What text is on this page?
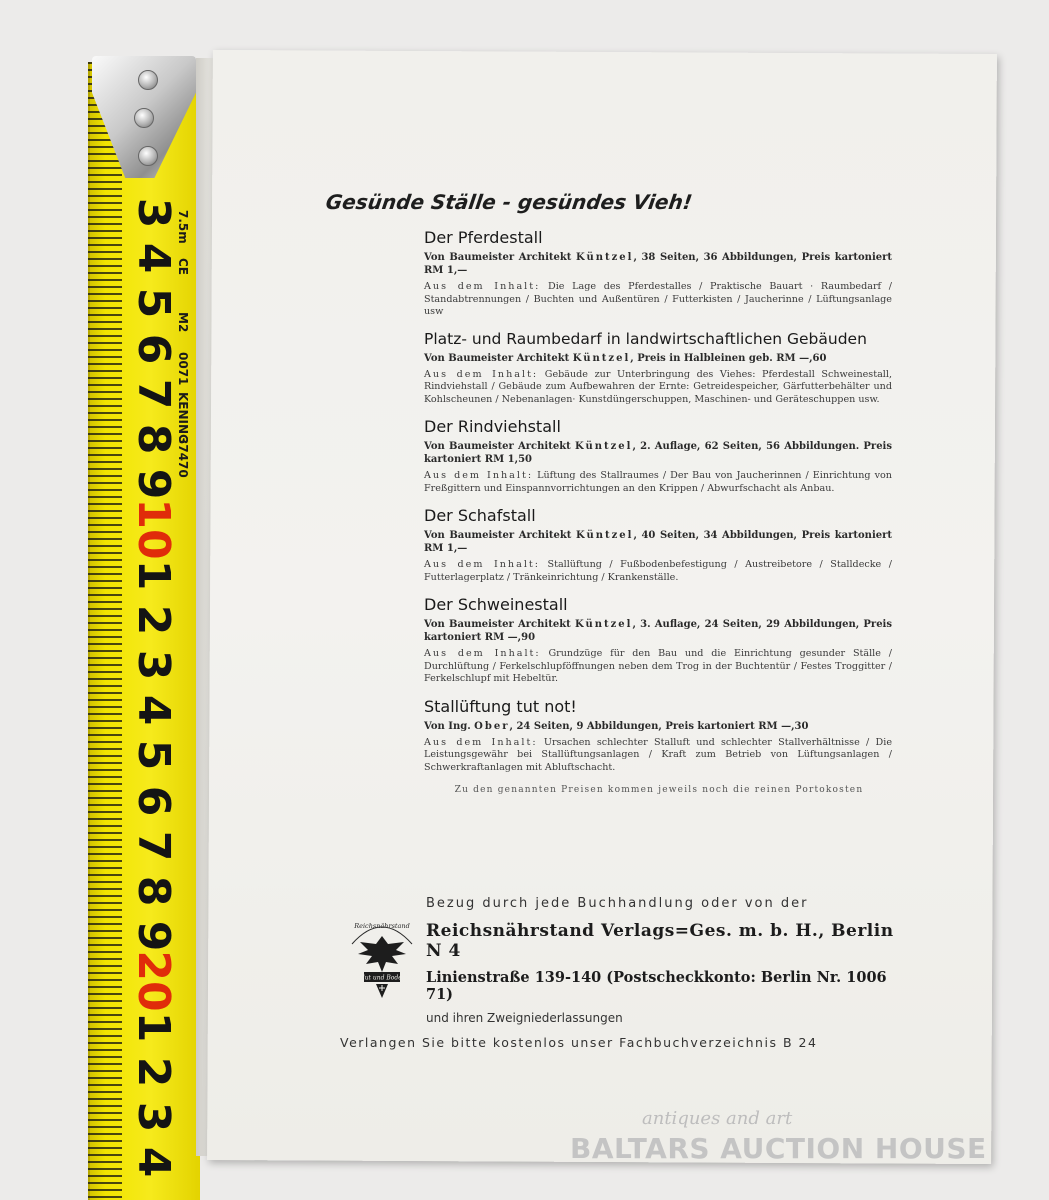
3
4
5
6
7
8
9
10
1
2
3
4
5
6
7
8
9
20
1
2
3
4
7.5m
CE
M2
0071
KENING
37470
Gesünde Ställe - gesündes Vieh!
Der Pferdestall
Von Baumeister Architekt Küntzel, 38 Seiten, 36 Abbildungen, Preis kartoniert RM 1,—
Aus dem Inhalt: Die Lage des Pferdestalles / Praktische Bauart · Raumbedarf / Standabtrennungen / Buchten und Außentüren / Futterkisten / Jaucherinne / Lüftungsanlage usw
Platz- und Raumbedarf in landwirtschaftlichen Gebäuden
Von Baumeister Architekt Küntzel, Preis in Halbleinen geb. RM —,60
Aus dem Inhalt: Gebäude zur Unterbringung des Viehes: Pferdestall Schweinestall, Rindviehstall / Gebäude zum Aufbewahren der Ernte: Getreidespeicher, Gärfutterbehälter und Kohlscheunen / Nebenanlagen· Kunstdüngerschuppen, Maschinen- und Geräteschuppen usw.
Der Rindviehstall
Von Baumeister Architekt Küntzel, 2. Auflage, 62 Seiten, 56 Abbildungen. Preis kartoniert RM 1,50
Aus dem Inhalt: Lüftung des Stallraumes / Der Bau von Jaucherinnen / Einrichtung von Freßgittern und Einspannvorrichtungen an den Krippen / Abwurfschacht als Anbau.
Der Schafstall
Von Baumeister Architekt Küntzel, 40 Seiten, 34 Abbildungen, Preis kartoniert RM 1,—
Aus dem Inhalt: Stallüftung / Fußbodenbefestigung / Austreibetore / Stalldecke / Futterlagerplatz / Tränkeinrichtung / Krankenställe.
Der Schweinestall
Von Baumeister Architekt Küntzel, 3. Auflage, 24 Seiten, 29 Abbildungen, Preis kartoniert RM —,90
Aus dem Inhalt: Grundzüge für den Bau und die Einrichtung gesunder Ställe / Durchlüftung / Ferkelschlupföffnungen neben dem Trog in der Buchtentür / Festes Troggitter / Ferkelschlupf mit Hebeltür.
Stallüftung tut not!
Von Ing. Ober, 24 Seiten, 9 Abbildungen, Preis kartoniert RM —,30
Aus dem Inhalt: Ursachen schlechter Stalluft und schlechter Stallverhältnisse / Die Leistungsgewähr bei Stallüftungsanlagen / Kraft zum Betrieb von Lüftungsanlagen / Schwerkraftanlagen mit Abluftschacht.
Zu den genannten Preisen kommen jeweils noch die reinen Portokosten
Reichsnährstand
Blut und Boden
Bezug durch jede Buchhandlung oder von der
Reichsnährstand Verlags=Ges. m. b. H., Berlin N 4
Linienstraße 139-140 (Postscheckkonto: Berlin Nr. 1006 71)
und ihren Zweigniederlassungen
Verlangen Sie bitte kostenlos unser Fachbuchverzeichnis B 24
antiques and art
BALTARS AUCTION HOUSE
